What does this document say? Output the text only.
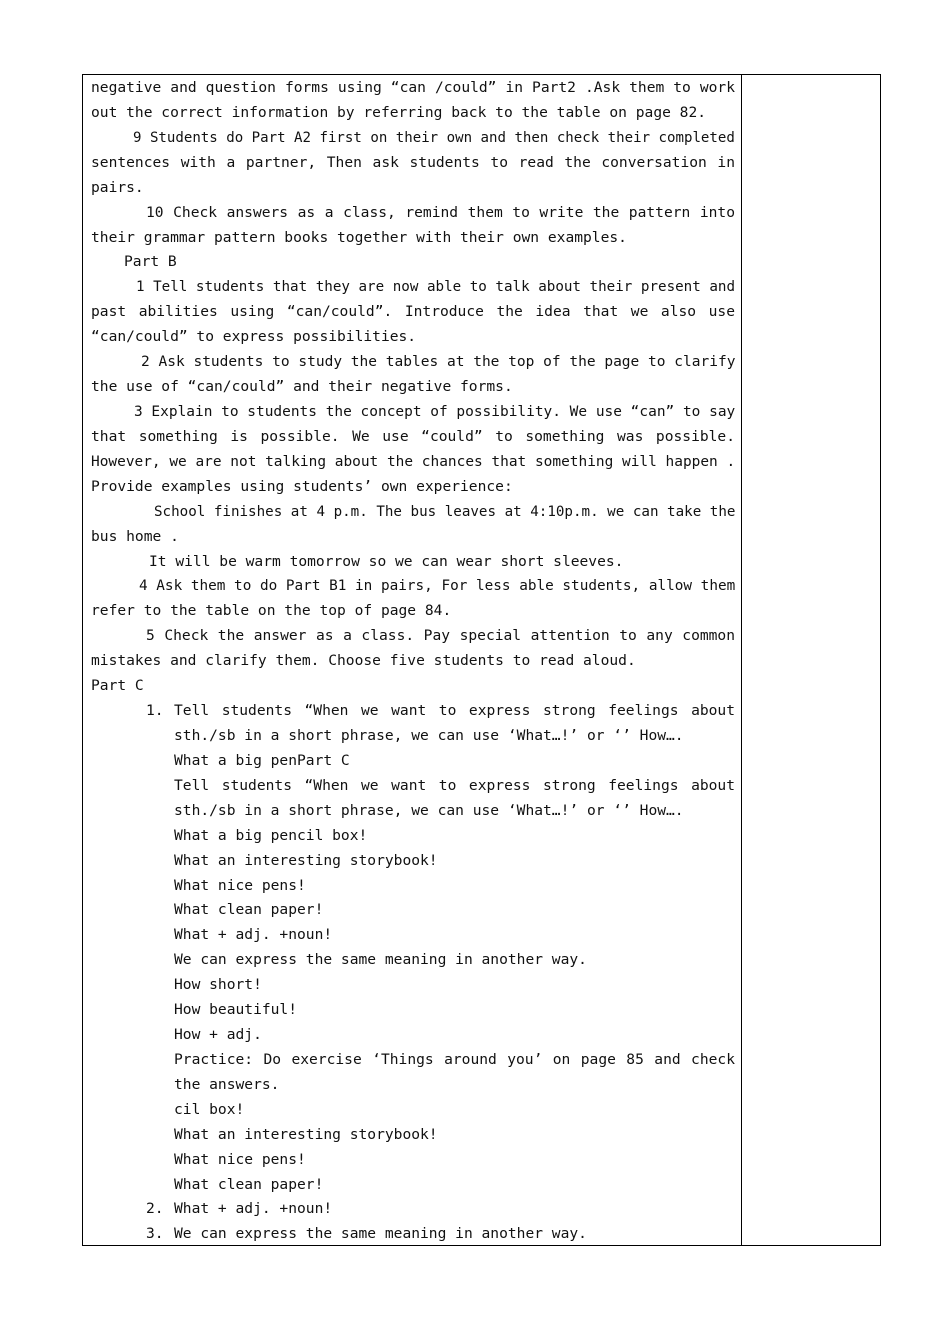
negative and question forms using “can /could” in Part2 .Ask them to work
out the correct information by referring back to the table on page 82.
9 Students do Part A2 first on their own and then check their completed
sentences with a partner, Then ask students to read the conversation in
pairs.
10 Check answers as a class, remind them to write the pattern into
their grammar pattern books together with their own examples.
Part B
1 Tell students that they are now able to talk about their present and
past abilities using “can/could”. Introduce the idea that we also use
“can/could” to express possibilities.
2 Ask students to study the tables at the top of the page to clarify
the use of “can/could” and their negative forms.
3 Explain to students the concept of possibility. We use “can” to say
that something is possible. We use “could” to something was possible.
However, we are not talking about the chances that something will happen .
Provide examples using students’ own experience:
School finishes at 4 p.m. The bus leaves at 4:10p.m. we can take the
bus home .
It will be warm tomorrow so we can wear short sleeves.
4 Ask them to do Part B1 in pairs, For less able students, allow them
refer to the table on the top of page 84.
5 Check the answer as a class. Pay special attention to any common
mistakes and clarify them. Choose five students to read aloud.
Part C
1. Tell students “When we want to express strong feelings about
sth./sb in a short phrase, we can use ‘What…!’ or ‘’ How….
What a big penPart C
Tell students “When we want to express strong feelings about
sth./sb in a short phrase, we can use ‘What…!’ or ‘’ How….
What a big pencil box!
What an interesting storybook!
What nice pens!
What clean paper!
What + adj. +noun!
We can express the same meaning in another way.
How short!
How beautiful!
How + adj.
Practice: Do exercise ‘Things around you’ on page 85 and check
the answers.
cil box!
What an interesting storybook!
What nice pens!
What clean paper!
2. What + adj. +noun!
3. We can express the same meaning in another way.
